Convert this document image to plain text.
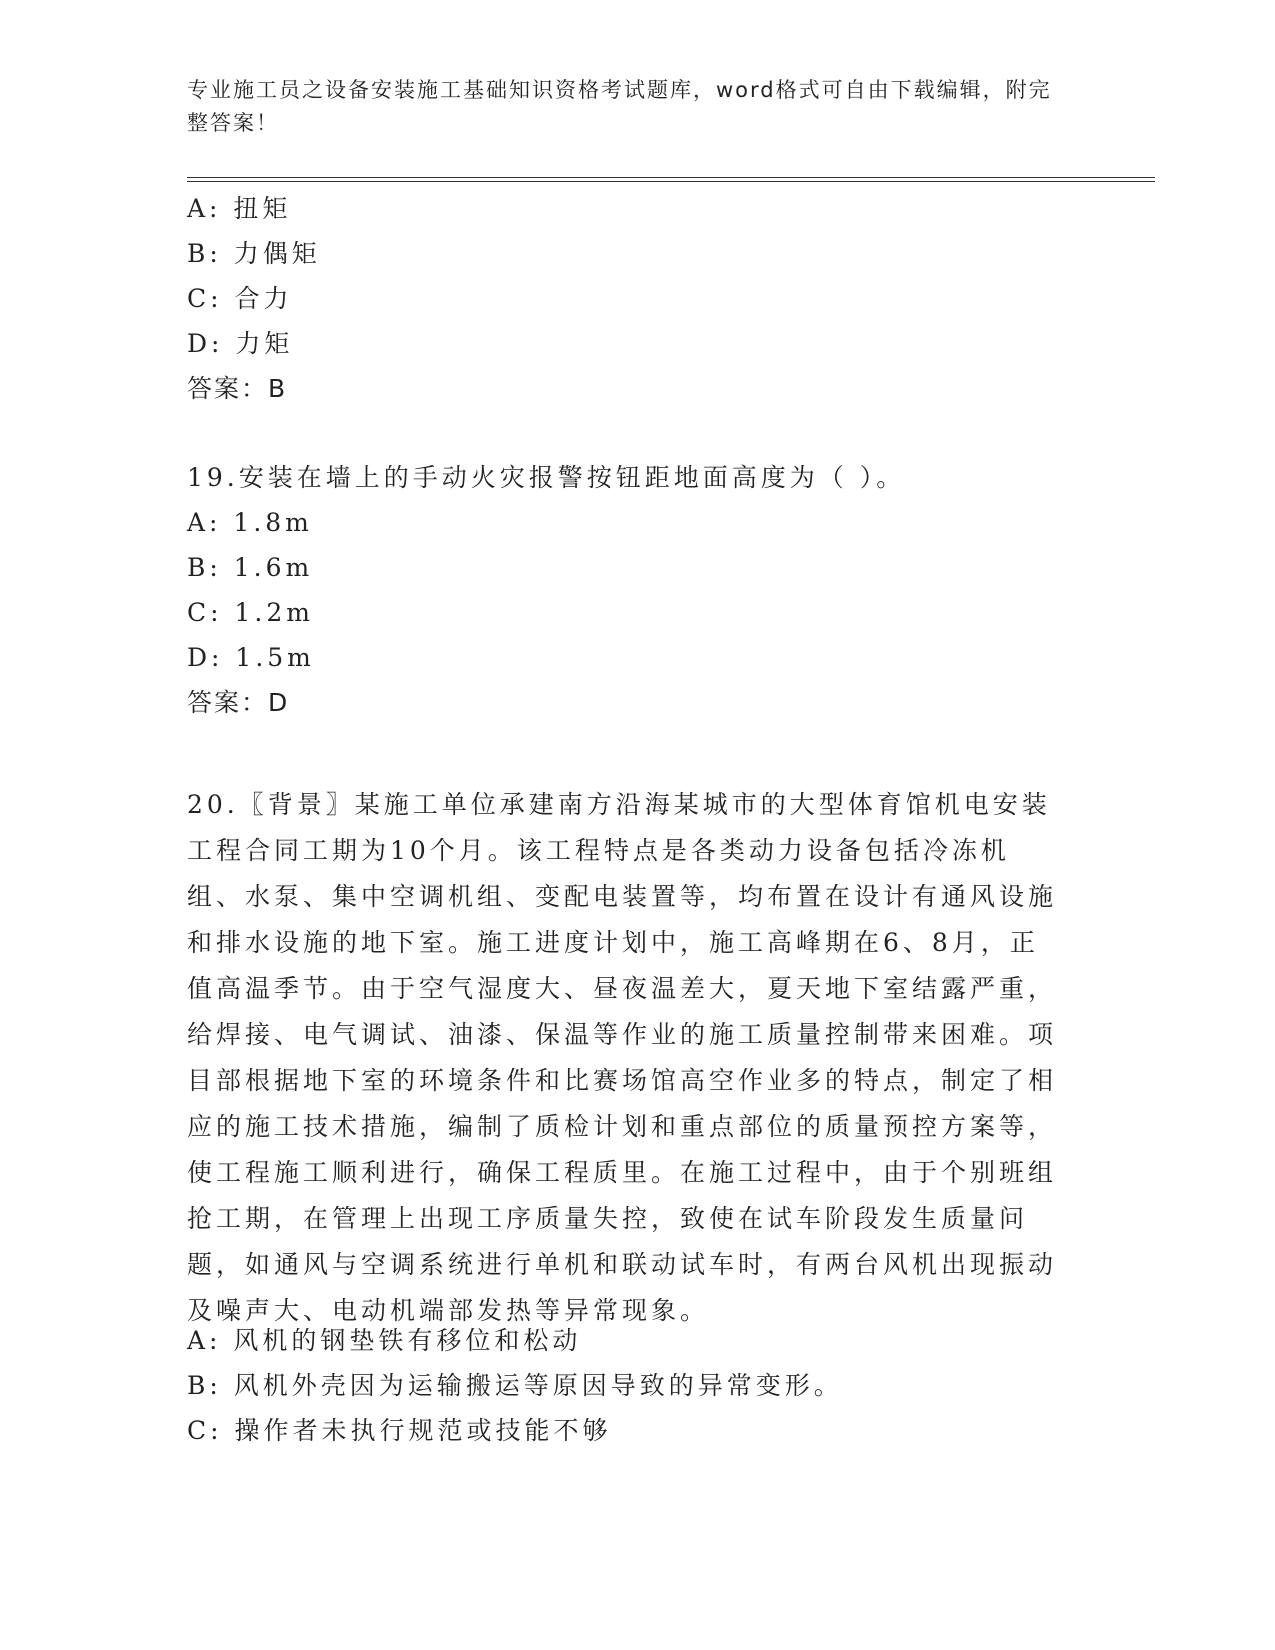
专业施工员之设备安装施工基础知识资格考试题库，word格式可自由下载编辑，附完整答案！
A: 扭矩
B: 力偶矩
C: 合力
D: 力矩
答案：B
19.安装在墙上的手动火灾报警按钮距地面高度为（ ）。
A: 1.8m
B: 1.6m
C: 1.2m
D: 1.5m
答案：D
20.〖背景〗某施工单位承建南方沿海某城市的大型体育馆机电安装工程合同工期为10个月。该工程特点是各类动力设备包括冷冻机组、水泵、集中空调机组、变配电装置等，均布置在设计有通风设施和排水设施的地下室。施工进度计划中，施工高峰期在6、8月，正值高温季节。由于空气湿度大、昼夜温差大，夏天地下室结露严重，给焊接、电气调试、油漆、保温等作业的施工质量控制带来困难。项目部根据地下室的环境条件和比赛场馆高空作业多的特点，制定了相应的施工技术措施，编制了质检计划和重点部位的质量预控方案等，使工程施工顺利进行，确保工程质里。在施工过程中，由于个别班组抢工期，在管理上出现工序质量失控，致使在试车阶段发生质量问题，如通风与空调系统进行单机和联动试车时，有两台风机出现振动及噪声大、电动机端部发热等异常现象。
A: 风机的钢垫铁有移位和松动
B: 风机外壳因为运输搬运等原因导致的异常变形。
C: 操作者未执行规范或技能不够
